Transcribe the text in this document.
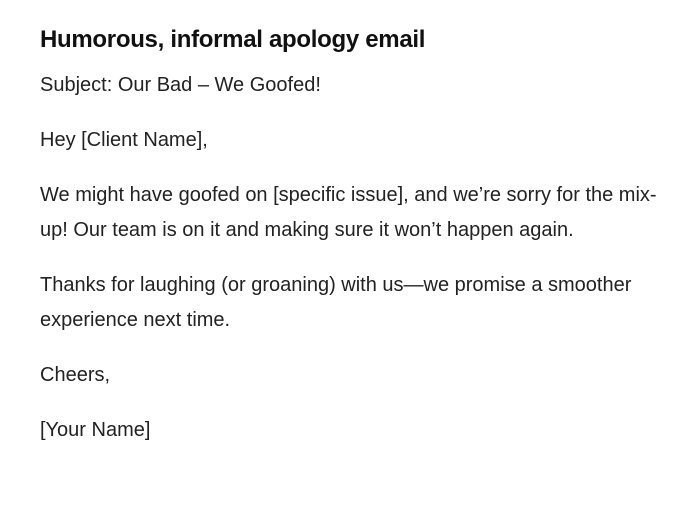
Humorous, informal apology email

Subject: Our Bad – We Goofed!

Hey [Client Name],

We might have goofed on [specific issue], and we’re sorry for the mix-up! Our team is on it and making sure it won’t happen again.

Thanks for laughing (or groaning) with us—we promise a smoother experience next time.

Cheers,

[Your Name]
